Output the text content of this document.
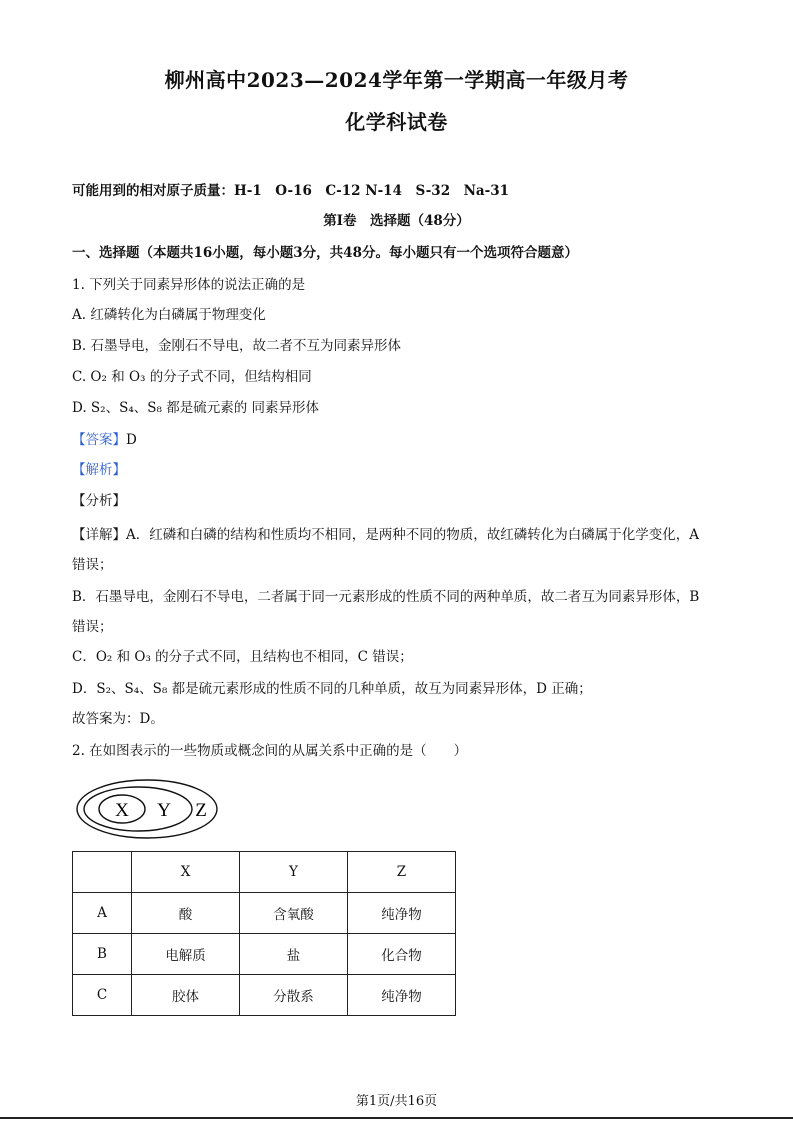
柳州高中2023—2024学年第一学期高一年级月考
化学科试卷
可能用到的相对原子质量：H-1　O-16　C-12 N-14　S-32　Na-31
第Ⅰ卷　选择题（48分）
一、选择题（本题共16小题，每小题3分，共48分。每小题只有一个选项符合题意）
1. 下列关于同素异形体的说法正确的是
A. 红磷转化为白磷属于物理变化
B. 石墨导电，金刚石不导电，故二者不互为同素异形体
C. O₂ 和 O₃ 的分子式不同，但结构相同
D. S₂、S₄、S₈ 都是硫元素的 同素异形体
【答案】D
【解析】
【分析】
【详解】A．红磷和白磷的结构和性质均不相同，是两种不同的物质，故红磷转化为白磷属于化学变化，A
错误；
B．石墨导电，金刚石不导电，二者属于同一元素形成的性质不同的两种单质，故二者互为同素异形体，B
错误；
C．O₂ 和 O₃ 的分子式不同，且结构也不相同，C 错误；
D．S₂、S₄、S₈ 都是硫元素形成的性质不同的几种单质，故互为同素异形体，D 正确；
故答案为：D。
2. 在如图表示的一些物质或概念间的从属关系中正确的是（　　）
X Y Z
	X	Y	Z
A	酸	含氧酸	纯净物
B	电解质	盐	化合物
C	胶体	分散系	纯净物
第1页/共16页
